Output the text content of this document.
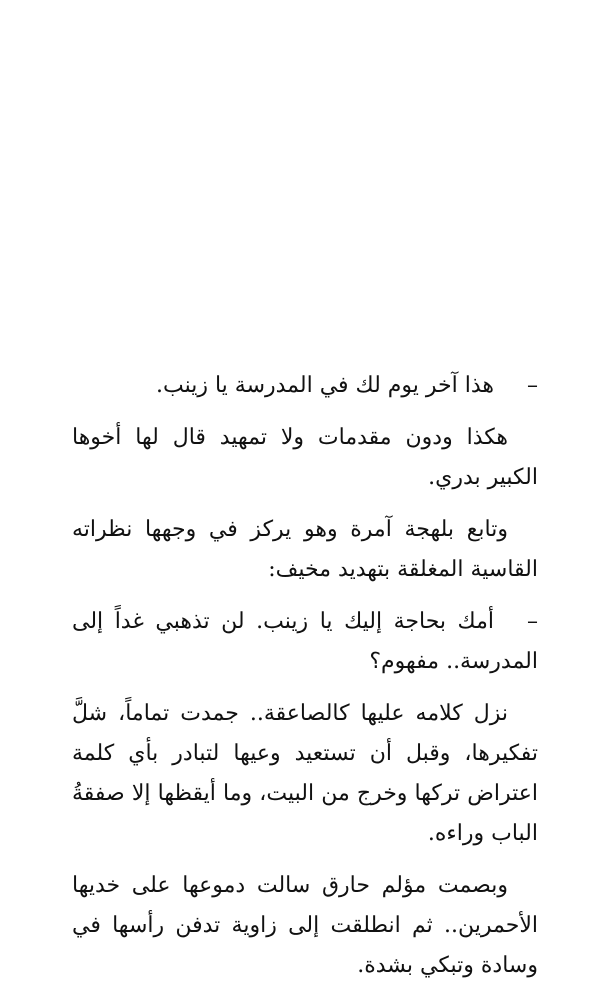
–هذا آخر يوم لك في المدرسة يا زينب.

هكذا ودون مقدمات ولا تمهيد قال لها أخوها الكبير بدري.

وتابع بلهجة آمرة وهو يركز في وجهها نظراته القاسية المغلقة بتهديد مخيف:

–أمك بحاجة إليك يا زينب. لن تذهبي غداً إلى المدرسة.. مفهوم؟

نزل كلامه عليها كالصاعقة.. جمدت تماماً، شلَّ تفكيرها، وقبل أن تستعيد وعيها لتبادر بأي كلمة اعتراض تركها وخرج من البيت، وما أيقظها إلا صفقةُ الباب وراءه.

وبصمت مؤلم حارق سالت دموعها على خديها الأحمرين.. ثم انطلقت إلى زاوية تدفن رأسها في وسادة وتبكي بشدة.
